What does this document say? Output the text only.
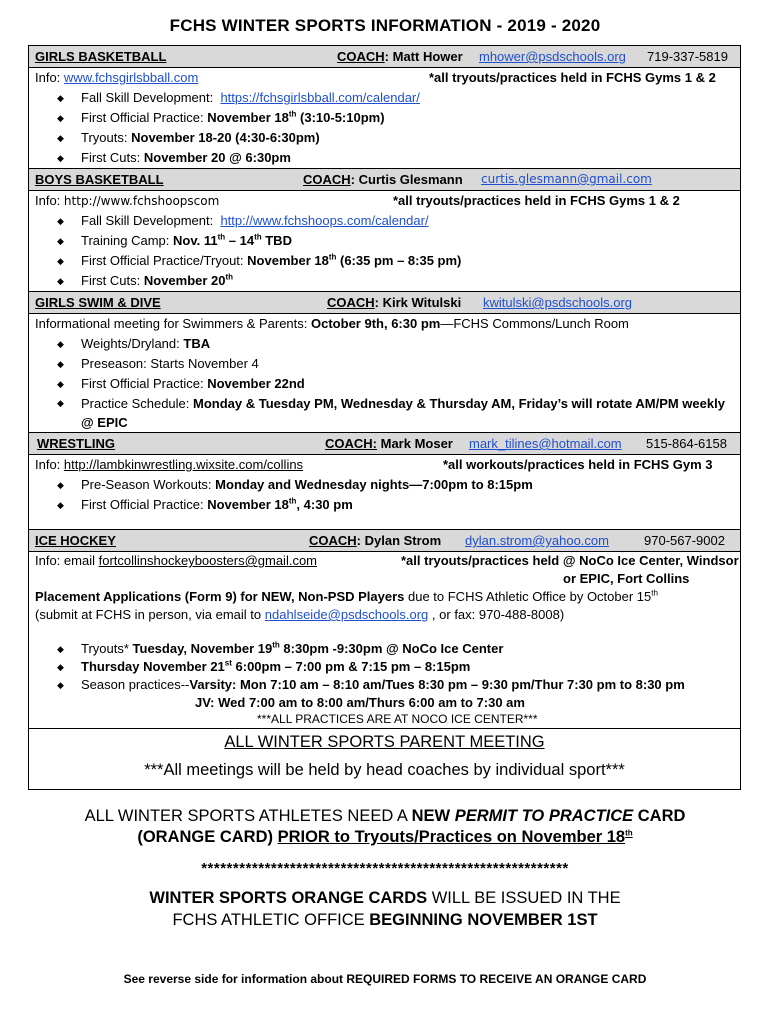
FCHS WINTER SPORTS INFORMATION - 2019 - 2020
GIRLS BASKETBALL	COACH: Matt Hower mhower@psdschools.org 719-337-5819
Info: www.fchsgirlsbball.com	*all tryouts/practices held in FCHS Gyms 1 & 2
◆ Fall Skill Development: https://fchsgirlsbball.com/calendar/
◆ First Official Practice: November 18th (3:10-5:10pm)
◆ Tryouts: November 18-20 (4:30-6:30pm)
◆ First Cuts: November 20 @ 6:30pm
BOYS BASKETBALL	COACH: Curtis Glesmann curtis.glesmann@gmail.com
Info: http://www.fchshoopscom	*all tryouts/practices held in FCHS Gyms 1 & 2
◆ Fall Skill Development: http://www.fchshoops.com/calendar/
◆ Training Camp: Nov. 11th – 14th TBD
◆ First Official Practice/Tryout: November 18th (6:35 pm – 8:35 pm)
◆ First Cuts: November 20th
GIRLS SWIM & DIVE	COACH: Kirk Witulski kwitulski@psdschools.org
Informational meeting for Swimmers & Parents: October 9th, 6:30 pm—FCHS Commons/Lunch Room
◆ Weights/Dryland: TBA
◆ Preseason: Starts November 4
◆ First Official Practice: November 22nd
◆ Practice Schedule: Monday & Tuesday PM, Wednesday & Thursday AM, Friday’s will rotate AM/PM weekly @ EPIC
WRESTLING	COACH: Mark Moser mark_tilines@hotmail.com 515-864-6158
Info: http://lambkinwrestling.wixsite.com/collins	*all workouts/practices held in FCHS Gym 3
◆ Pre-Season Workouts: Monday and Wednesday nights—7:00pm to 8:15pm
◆ First Official Practice: November 18th, 4:30 pm
ICE HOCKEY	COACH: Dylan Strom dylan.strom@yahoo.com	970-567-9002
Info: email fortcollinshockeyboosters@gmail.com	*all tryouts/practices held @ NoCo Ice Center, Windsor
or EPIC, Fort Collins
Placement Applications (Form 9) for NEW, Non-PSD Players due to FCHS Athletic Office by October 15th
(submit at FCHS in person, via email to ndahlseide@psdschools.org , or fax: 970-488-8008)
◆ Tryouts* Tuesday, November 19th 8:30pm -9:30pm @ NoCo Ice Center
◆ Thursday November 21st 6:00pm – 7:00 pm & 7:15 pm – 8:15pm
◆ Season practices--Varsity: Mon 7:10 am – 8:10 am/Tues 8:30 pm – 9:30 pm/Thur 7:30 pm to 8:30 pm
JV: Wed 7:00 am to 8:00 am/Thurs 6:00 am to 7:30 am
***ALL PRACTICES ARE AT NOCO ICE CENTER***
ALL WINTER SPORTS PARENT MEETING
***All meetings will be held by head coaches by individual sport***
ALL WINTER SPORTS ATHLETES NEED A NEW PERMIT TO PRACTICE CARD
(ORANGE CARD) PRIOR to Tryouts/Practices on November 18th
**********************************************************
WINTER SPORTS ORANGE CARDS WILL BE ISSUED IN THE
FCHS ATHLETIC OFFICE BEGINNING NOVEMBER 1ST
See reverse side for information about REQUIRED FORMS TO RECEIVE AN ORANGE CARD
